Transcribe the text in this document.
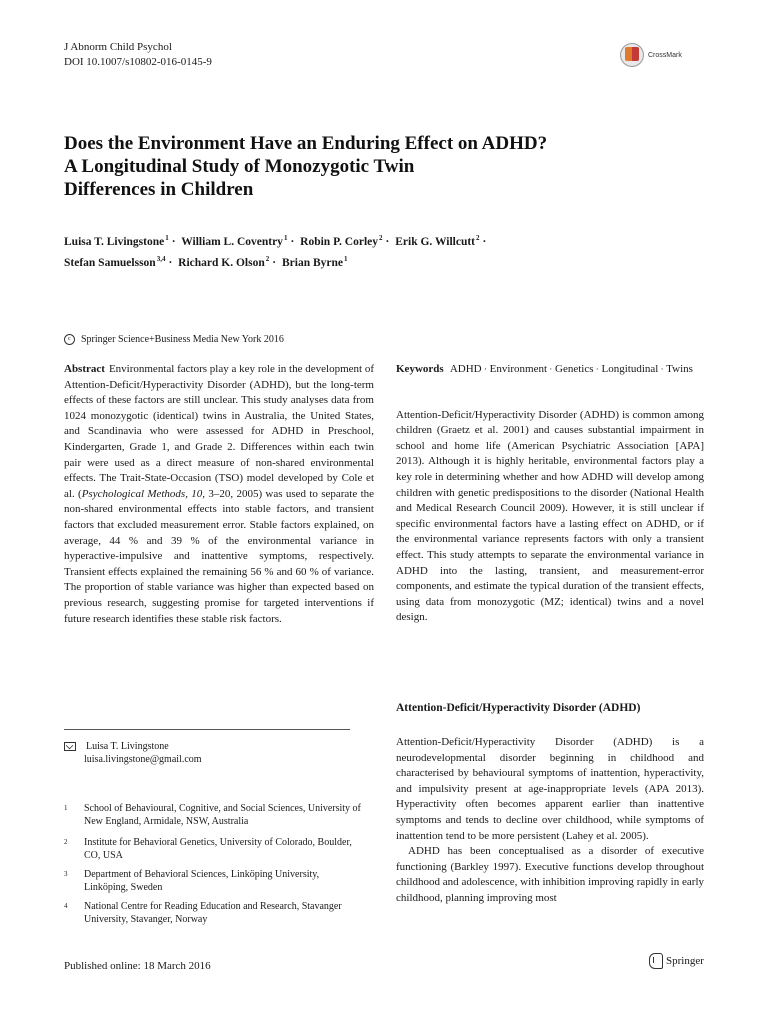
J Abnorm Child Psychol
DOI 10.1007/s10802-016-0145-9
CrossMark
Does the Environment Have an Enduring Effect on ADHD?
A Longitudinal Study of Monozygotic Twin
Differences in Children
Luisa T. Livingstone$^1$ · William L. Coventry$^1$ · Robin P. Corley$^2$ · Erik G. Willcutt$^2$ ·
Stefan Samuelsson$^{3,4}$ · Richard K. Olson$^2$ · Brian Byrne$^1$
c	Springer Science+Business Media New York 2016

Abstract Environmental factors play a key role in the development of Attention-Deficit/Hyperactivity Disorder (ADHD), but the long-term effects of these factors are still unclear. This study analyses data from 1024 monozygotic (identical) twins in Australia, the United States, and Scandinavia who were assessed for ADHD in Preschool, Kindergarten, Grade 1, and Grade 2. Differences within each twin pair were used as a direct measure of non-shared environmental effects. The Trait-State-Occasion (TSO) model developed by Cole et al. (Psychological Methods, 10, 3–20, 2005) was used to separate the non-shared environmental effects into stable factors, and transient factors that excluded measurement error. Stable factors explained, on average, 44 % and 39 % of the environmental variance in hyperactive-impulsive and inattentive symptoms, respectively. Transient effects explained the remaining 56 % and 60 % of variance. The proportion of stable variance was higher than expected based on previous research, suggesting promise for targeted interventions if future research identifies these stable risk factors.

Keywords ADHD · Environment · Genetics · Longitudinal · Twins

Attention-Deficit/Hyperactivity Disorder (ADHD) is common among children (Graetz et al. 2001) and causes substantial impairment in school and home life (American Psychiatric Association [APA] 2013). Although it is highly heritable, environmental factors play a key role in determining whether and how ADHD will develop among children with genetic predispositions to the disorder (National Health and Medical Research Council 2009). However, it is still unclear if specific environmental factors have a lasting effect on ADHD, or if the environmental variance represents factors with only a transient effect. This study attempts to separate the environmental variance in ADHD into the lasting, transient, and measurement-error components, and estimate the typical duration of the transient effects, using data from monozygotic (MZ; identical) twins and a novel design.

Attention-Deficit/Hyperactivity Disorder (ADHD)

Attention-Deficit/Hyperactivity Disorder (ADHD) is a neurodevelopmental disorder beginning in childhood and characterised by behavioural symptoms of inattention, hyperactivity, and impulsivity present at age-inappropriate levels (APA 2013). Hyperactivity often becomes apparent earlier than inattentive symptoms and tends to decline over childhood, while symptoms of inattention tend to be more persistent (Lahey et al. 2005).

ADHD has been conceptualised as a disorder of executive functioning (Barkley 1997). Executive functions develop throughout childhood and adolescence, with inhibition improving rapidly in early childhood, planning improving most

Luisa T. Livingstone
luisa.livingstone@gmail.com
1	School of Behavioural, Cognitive, and Social Sciences, University of New England, Armidale, NSW, Australia
2	Institute for Behavioral Genetics, University of Colorado, Boulder, CO, USA
3	Department of Behavioral Sciences, Linköping University, Linköping, Sweden
4	National Centre for Reading Education and Research, Stavanger University, Stavanger, Norway
Published online: 18 March 2016	Springer
